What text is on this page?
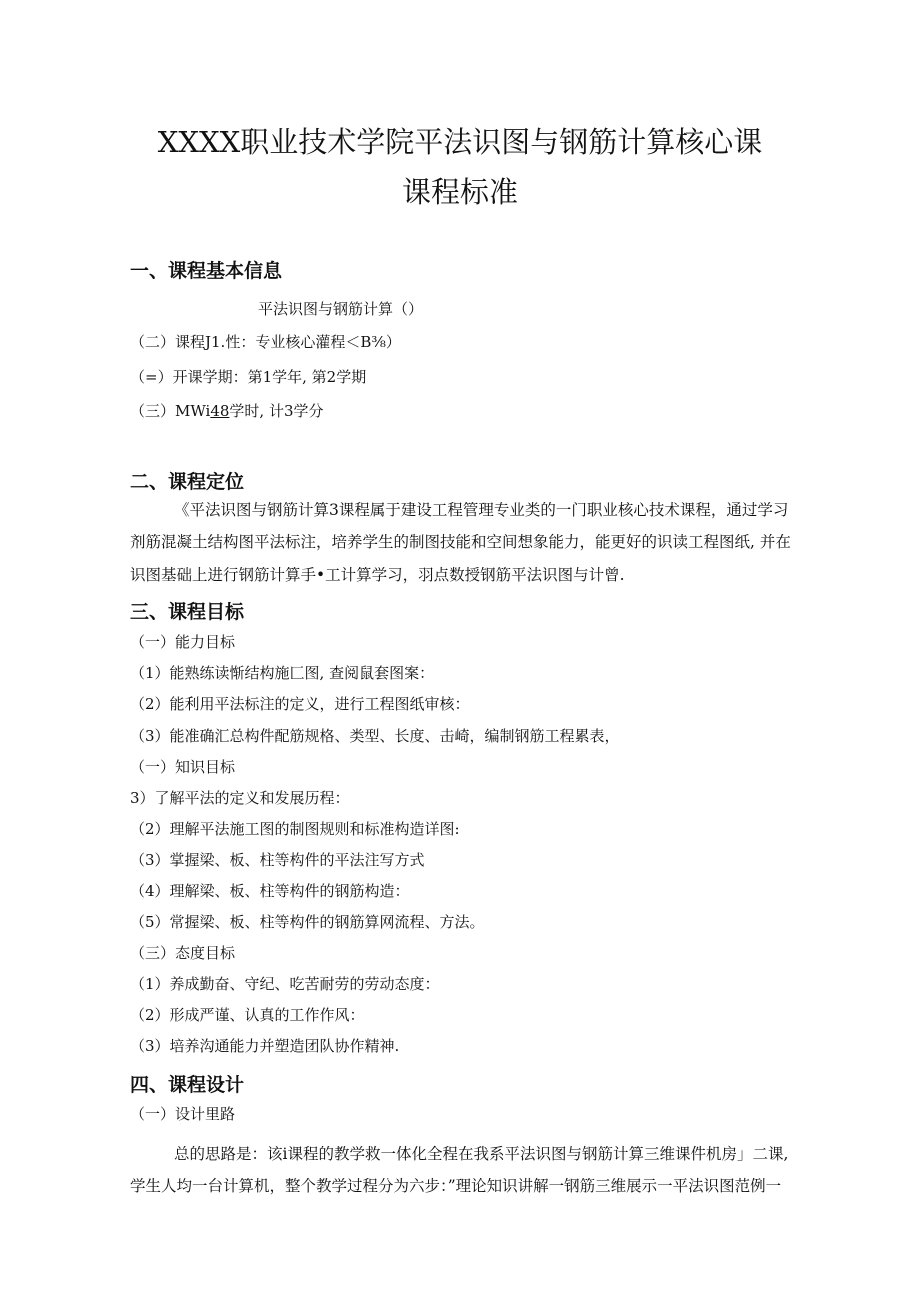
XXXX职业技术学院平法识图与钢筋计算核心课
课程标准
一、课程基本信息
平法识图与钢筋计算（）
（二）课程J1.性：专业核心灌程＜B⅜）
（=）开课学期：第1学年, 第2学期
（三）MWi48学时, 计3学分
二、课程定位
《平法识图与钢筋计算3课程属于建设工程管理专业类的一门职业核心技术课程，通过学习
剂筋混凝土结构图平法标注，培养学生的制图技能和空间想象能力，能更好的识读工程图纸, 并在
识图基础上进行钢筋计算手•工计算学习，羽点数授钢筋平法识图与计曾.
三、课程目标
（一）能力目标
（1）能熟练读惭结构施匚图, 查阅鼠套图案：
（2）能利用平法标注的定义，进行工程图纸审核：
（3）能准确汇总构件配筋规格、类型、长度、击崎，编制钢筋工程累表，
（一）知识目标
3）了解平法的定义和发展历程：
（2）理解平法施工图的制图规则和标准构造详图:
（3）掌握梁、板、柱等构件的平法注写方式
（4）理解梁、板、柱等构件的钢筋构造：
（5）常握梁、板、柱等构件的钢筋算网流程、方法。
（三）态度目标
（1）养成勤奋、守纪、吃苦耐劳的劳动态度：
（2）形成严谨、认真的工作作风：
（3）培养沟通能力并塑造团队协作精神.
四、课程设计
（一）设计里路
总的思路是：该i课程的教学救一体化全程在我系平法识图与钢筋计算三维课件机房」二课,
学生人均一台计算机，整个教学过程分为六步：”理论知识讲解一钢筋三维展示一平法识图范例一
